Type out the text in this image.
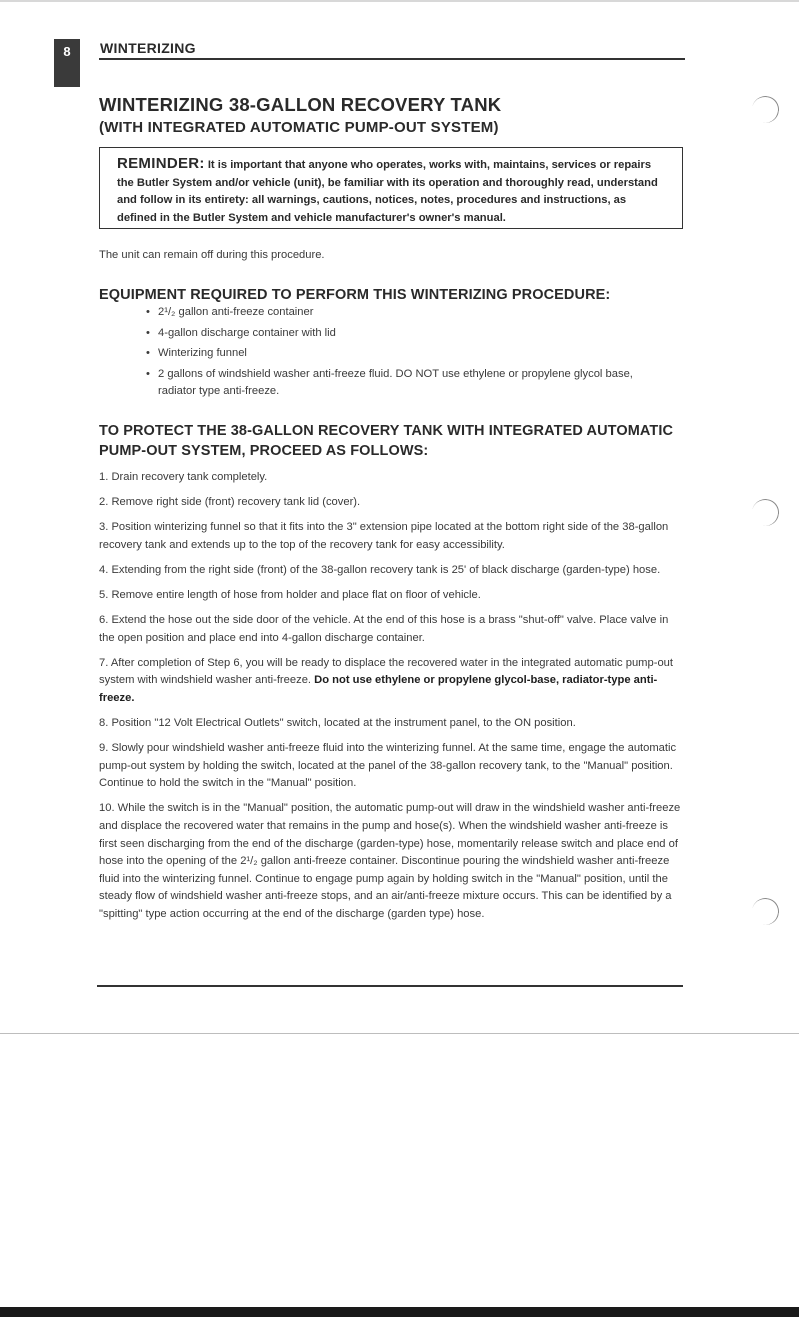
8	WINTERIZING
WINTERIZING 38-GALLON RECOVERY TANK
(WITH INTEGRATED AUTOMATIC PUMP-OUT SYSTEM)
REMINDER: It is important that anyone who operates, works with, maintains, services or repairs the Butler System and/or vehicle (unit), be familiar with its operation and thoroughly read, understand and follow in its entirety: all warnings, cautions, notices, notes, procedures and instructions, as defined in the Butler System and vehicle manufacturer's owner's manual.
The unit can remain off during this procedure.
EQUIPMENT REQUIRED TO PERFORM THIS WINTERIZING PROCEDURE:
• 2¹/₂ gallon anti-freeze container
• 4-gallon discharge container with lid
• Winterizing funnel
• 2 gallons of windshield washer anti-freeze fluid. DO NOT use ethylene or propylene glycol base, radiator type anti-freeze.
TO PROTECT THE 38-GALLON RECOVERY TANK WITH INTEGRATED AUTOMATIC PUMP-OUT SYSTEM, PROCEED AS FOLLOWS:
1. Drain recovery tank completely.
2. Remove right side (front) recovery tank lid (cover).
3. Position winterizing funnel so that it fits into the 3" extension pipe located at the bottom right side of the 38-gallon recovery tank and extends up to the top of the recovery tank for easy accessibility.
4. Extending from the right side (front) of the 38-gallon recovery tank is 25' of black discharge (garden-type) hose.
5. Remove entire length of hose from holder and place flat on floor of vehicle.
6. Extend the hose out the side door of the vehicle. At the end of this hose is a brass "shut-off" valve. Place valve in the open position and place end into 4-gallon discharge container.
7. After completion of Step 6, you will be ready to displace the recovered water in the integrated automatic pump-out system with windshield washer anti-freeze. Do not use ethylene or propylene glycol-base, radiator-type anti-freeze.
8. Position "12 Volt Electrical Outlets" switch, located at the instrument panel, to the ON position.
9. Slowly pour windshield washer anti-freeze fluid into the winterizing funnel. At the same time, engage the automatic pump-out system by holding the switch, located at the panel of the 38-gallon recovery tank, to the "Manual" position. Continue to hold the switch in the "Manual" position.
10. While the switch is in the "Manual" position, the automatic pump-out will draw in the windshield washer anti-freeze and displace the recovered water that remains in the pump and hose(s). When the windshield washer anti-freeze is first seen discharging from the end of the discharge (garden-type) hose, momentarily release switch and place end of hose into the opening of the 2¹/₂ gallon anti-freeze container. Discontinue pouring the windshield washer anti-freeze fluid into the winterizing funnel. Continue to engage pump again by holding switch in the "Manual" position, until the steady flow of windshield washer anti-freeze stops, and an air/anti-freeze mixture occurs. This can be identified by a "spitting" type action occurring at the end of the discharge (garden type) hose.
